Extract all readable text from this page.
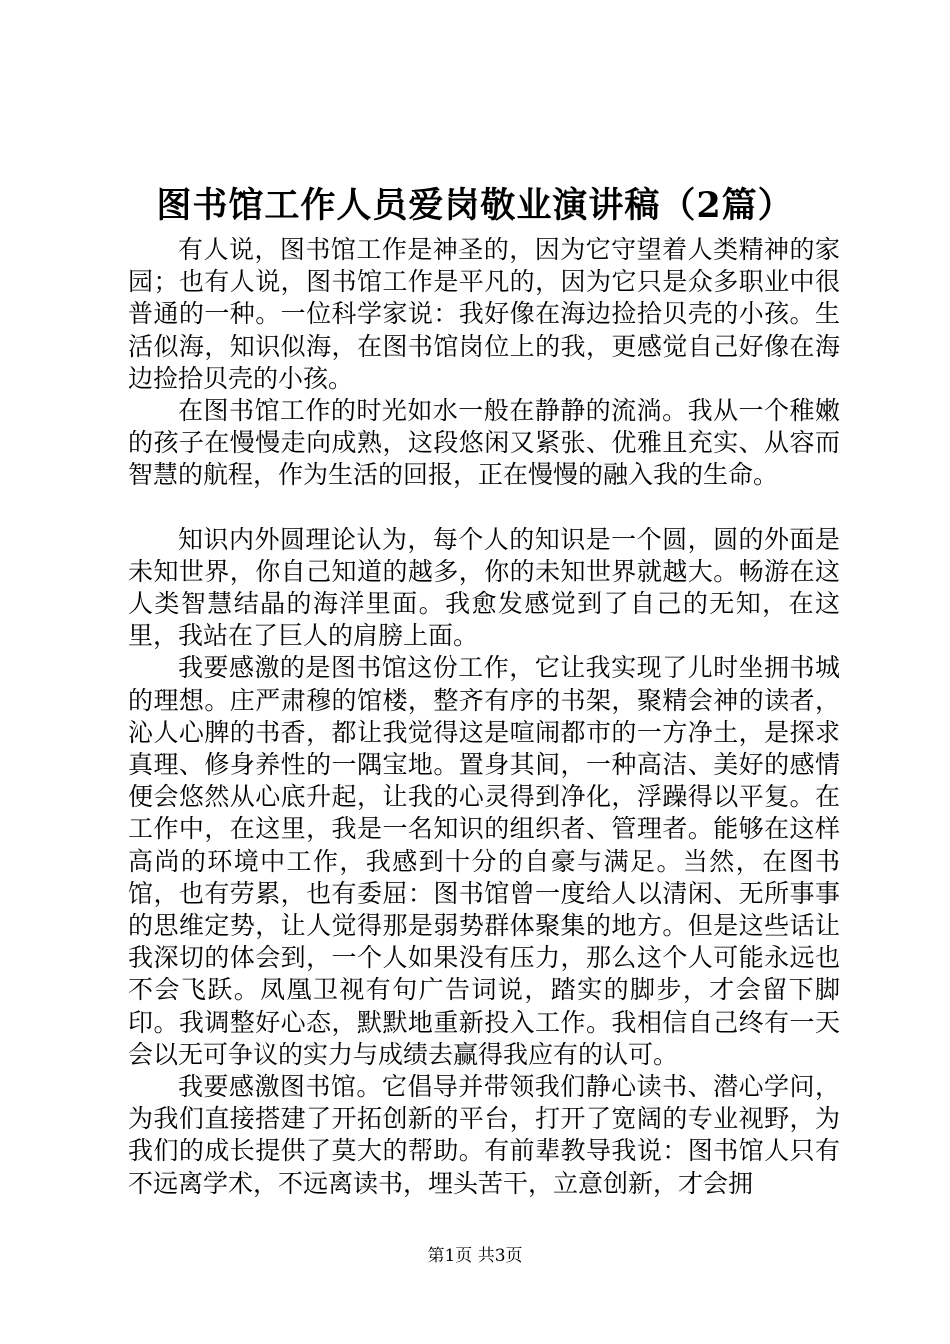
图书馆工作人员爱岗敬业演讲稿（2篇）

有人说，图书馆工作是神圣的，因为它守望着人类精神的家园；也有人说，图书馆工作是平凡的，因为它只是众多职业中很普通的一种。一位科学家说：我好像在海边捡拾贝壳的小孩。生活似海，知识似海，在图书馆岗位上的我，更感觉自己好像在海边捡拾贝壳的小孩。

在图书馆工作的时光如水一般在静静的流淌。我从一个稚嫩的孩子在慢慢走向成熟，这段悠闲又紧张、优雅且充实、从容而智慧的航程，作为生活的回报，正在慢慢的融入我的生命。

知识内外圆理论认为，每个人的知识是一个圆，圆的外面是未知世界，你自己知道的越多，你的未知世界就越大。畅游在这人类智慧结晶的海洋里面。我愈发感觉到了自己的无知，在这里，我站在了巨人的肩膀上面。

我要感激的是图书馆这份工作，它让我实现了儿时坐拥书城的理想。庄严肃穆的馆楼，整齐有序的书架，聚精会神的读者，沁人心脾的书香，都让我觉得这是喧闹都市的一方净土，是探求真理、修身养性的一隅宝地。置身其间，一种高洁、美好的感情便会悠然从心底升起，让我的心灵得到净化，浮躁得以平复。在工作中，在这里，我是一名知识的组织者、管理者。能够在这样高尚的环境中工作，我感到十分的自豪与满足。当然，在图书馆，也有劳累，也有委屈：图书馆曾一度给人以清闲、无所事事的思维定势，让人觉得那是弱势群体聚集的地方。但是这些话让我深切的体会到，一个人如果没有压力，那么这个人可能永远也不会飞跃。凤凰卫视有句广告词说，踏实的脚步，才会留下脚印。我调整好心态，默默地重新投入工作。我相信自己终有一天会以无可争议的实力与成绩去赢得我应有的认可。

我要感激图书馆。它倡导并带领我们静心读书、潜心学问，为我们直接搭建了开拓创新的平台，打开了宽阔的专业视野，为我们的成长提供了莫大的帮助。有前辈教导我说：图书馆人只有不远离学术，不远离读书，埋头苦干，立意创新，才会拥

第1页 共3页
